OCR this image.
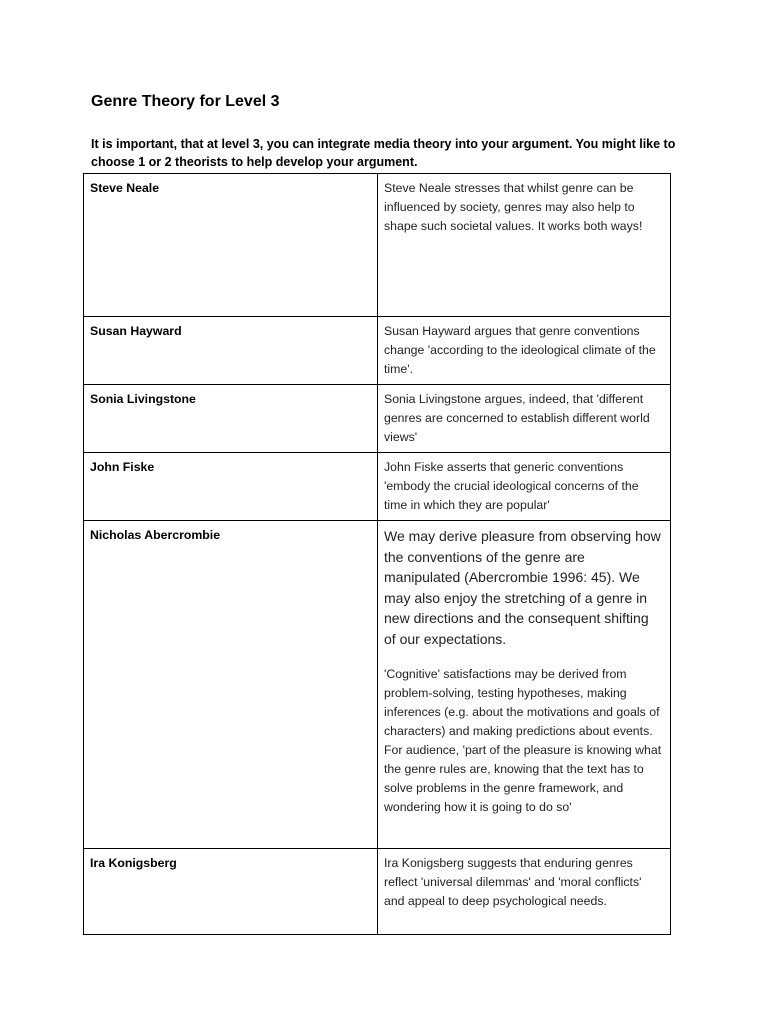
Genre Theory for Level 3

It is important, that at level 3, you can integrate media theory into your argument. You might like to choose 1 or 2 theorists to help develop your argument.

Steve Neale	Steve Neale stresses that whilst genre can be influenced by society, genres may also help to shape such societal values. It works both ways!
Susan Hayward	Susan Hayward argues that genre conventions change 'according to the ideological climate of the time'.
Sonia Livingstone	Sonia Livingstone argues, indeed, that 'different genres are concerned to establish different world views'
John Fiske	John Fiske asserts that generic conventions 'embody the crucial ideological concerns of the time in which they are popular'
Nicholas Abercrombie	We may derive pleasure from observing how the conventions of the genre are manipulated (Abercrombie 1996: 45). We may also enjoy the stretching of a genre in new directions and the consequent shifting of our expectations.
'Cognitive' satisfactions may be derived from problem-solving, testing hypotheses, making inferences (e.g. about the motivations and goals of characters) and making predictions about events. For audience, 'part of the pleasure is knowing what the genre rules are, knowing that the text has to solve problems in the genre framework, and wondering how it is going to do so'

Ira Konigsberg	Ira Konigsberg suggests that enduring genres reflect 'universal dilemmas' and 'moral conflicts' and appeal to deep psychological needs.
